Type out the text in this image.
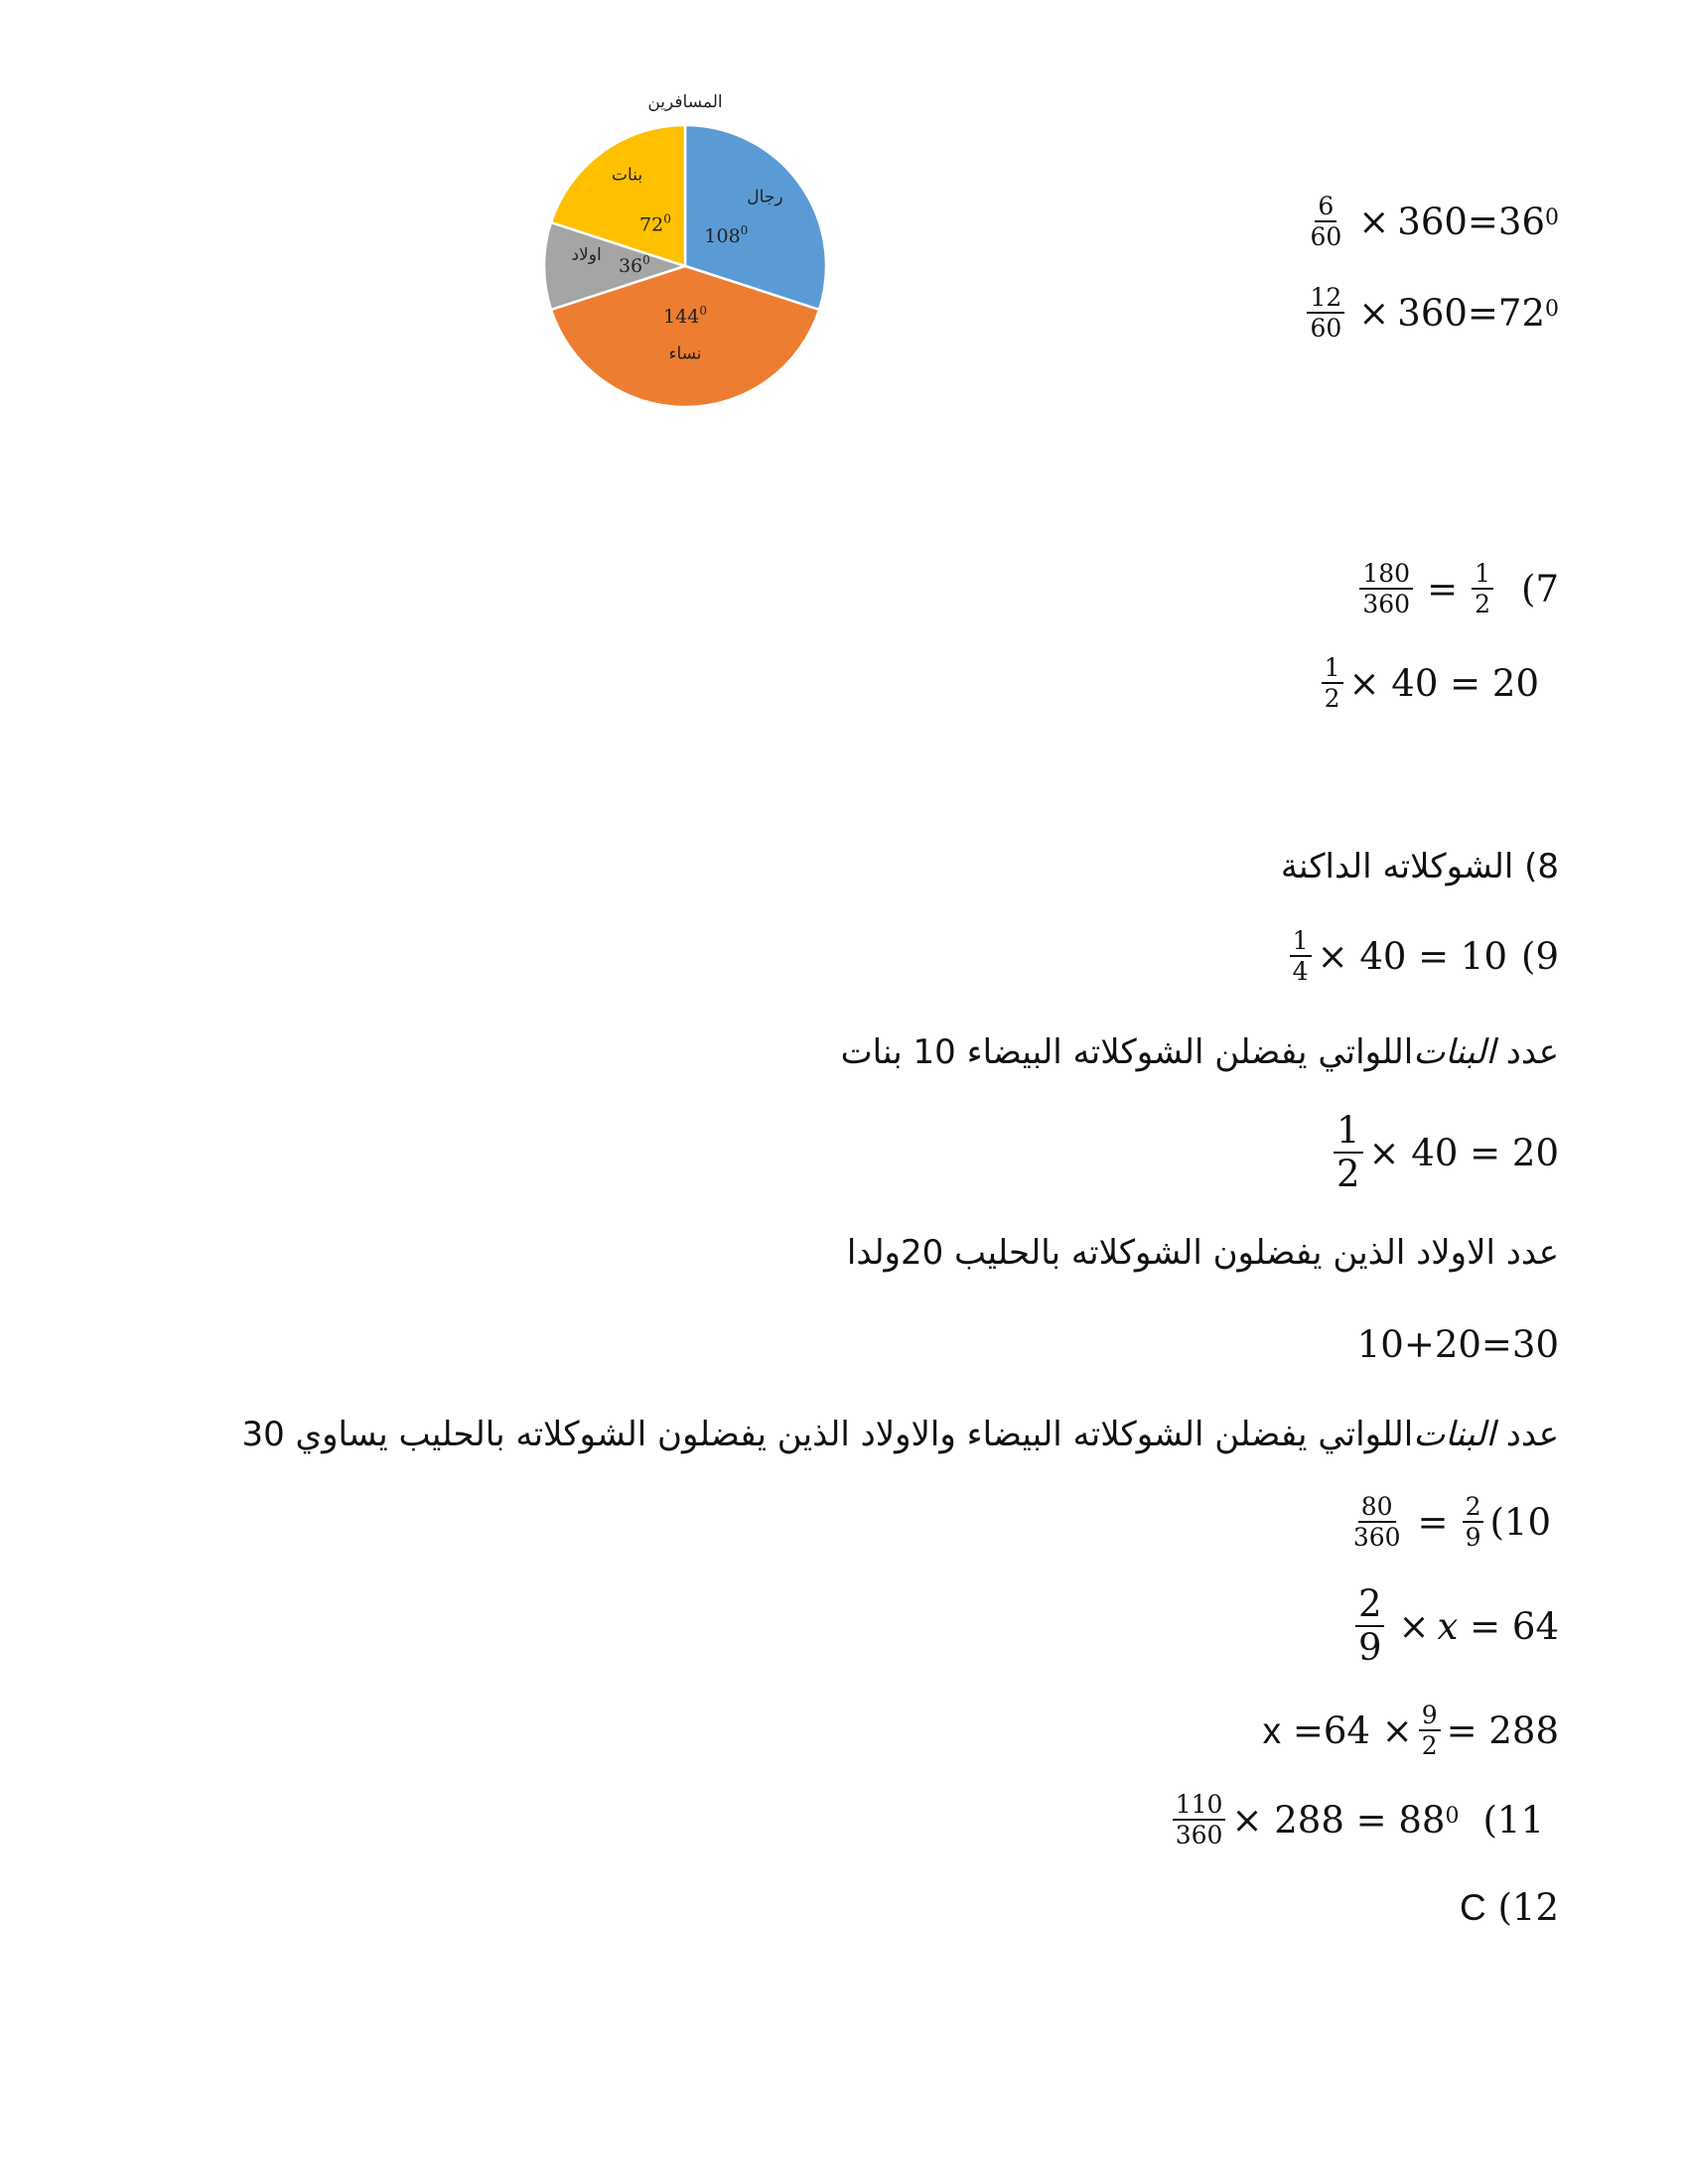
المسافرين
رجال
$108^0$
نساء
$144^0$
اولاد $36^0$
بنات
$72^0$	$\frac{6}{60} \times 360=36^0$
$\frac{12}{60} \times 360=72^0$
$\frac{180}{360} = \frac{1}{2} (7$
$\frac{1}{2} \times 40 = 20$
8) الشوكلاته الداكنة
$\frac{1}{4} \times 40 = 10$ (9
عدد

البنات
اللواتي يفضلن الشوكلاته البيضاء 10 بنات
$\frac{1}{2} \times 40 = 20$
عدد الاولاد الذين يفضلون الشوكلاته بالحليب 20ولدا
10+20=30
عدد

البنات
اللواتي يفضلن الشوكلاته البيضاء والاولاد الذين يفضلون الشوكلاته بالحليب يساوي 30
$\frac{80}{360} = \frac{2}{9} (10$
$\frac{2}{9} \times x$
= 64
x
$=64 \times \frac{9}{2} = 288$
$\frac{110}{360} \times 288 = 88^0$ (11
C
(12
